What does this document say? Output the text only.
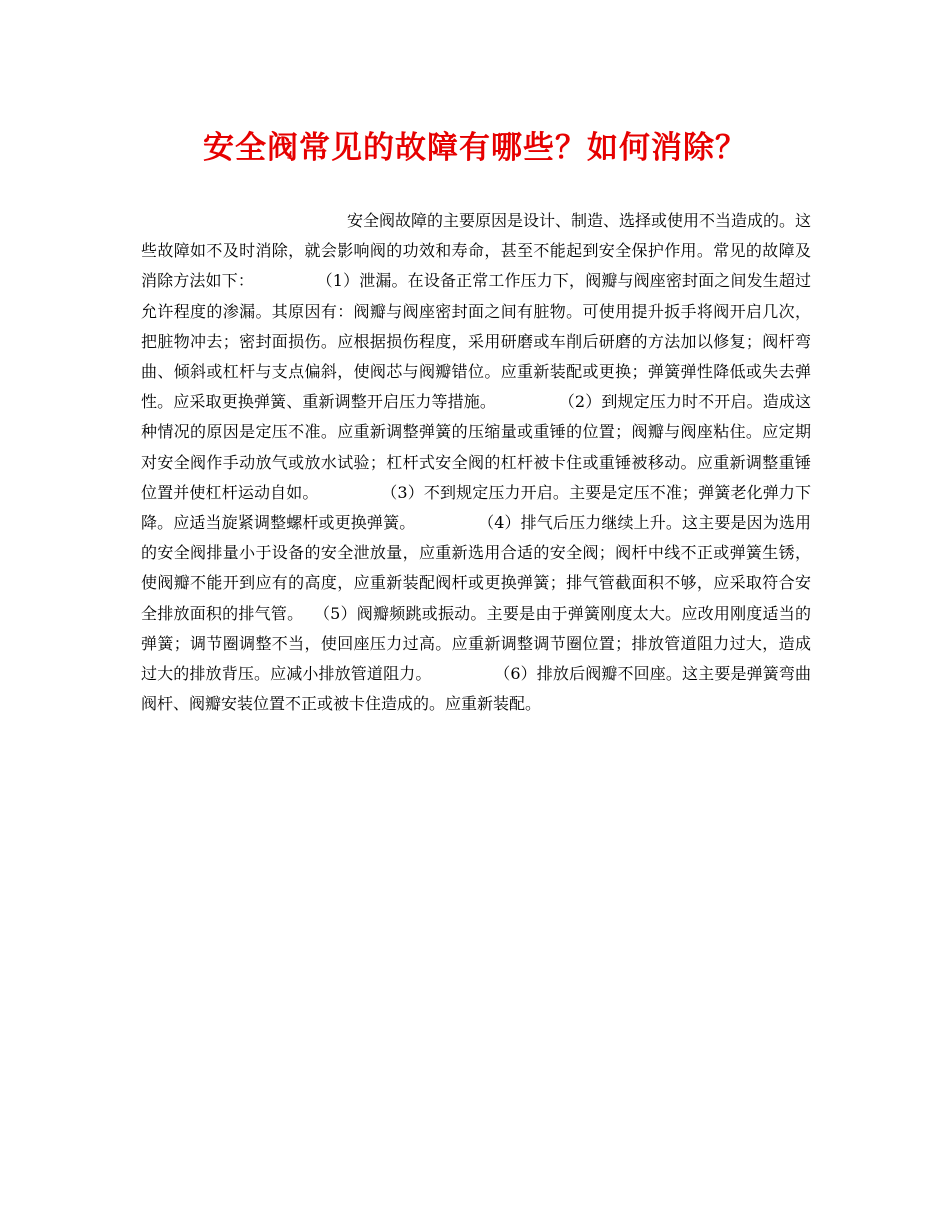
安全阀常见的故障有哪些？如何消除？

安全阀故障的主要原因是设计、制造、选择或使用不当造成的。这些故障如不及时消除，就会影响阀的功效和寿命，甚至不能起到安全保护作用。常见的故障及消除方法如下：	（1）泄漏。在设备正常工作压力下，阀瓣与阀座密封面之间发生超过允许程度的渗漏。其原因有：阀瓣与阀座密封面之间有脏物。可使用提升扳手将阀开启几次，把脏物冲去；密封面损伤。应根据损伤程度，采用研磨或车削后研磨的方法加以修复；阀杆弯曲、倾斜或杠杆与支点偏斜，使阀芯与阀瓣错位。应重新装配或更换；弹簧弹性降低或失去弹性。应采取更换弹簧、重新调整开启压力等措施。	（2）到规定压力时不开启。造成这种情况的原因是定压不准。应重新调整弹簧的压缩量或重锤的位置；阀瓣与阀座粘住。应定期对安全阀作手动放气或放水试验；杠杆式安全阀的杠杆被卡住或重锤被移动。应重新调整重锤位置并使杠杆运动自如。	（3）不到规定压力开启。主要是定压不准；弹簧老化弹力下降。应适当旋紧调整螺杆或更换弹簧。	（4）排气后压力继续上升。这主要是因为选用的安全阀排量小于设备的安全泄放量，应重新选用合适的安全阀；阀杆中线不正或弹簧生锈，使阀瓣不能开到应有的高度，应重新装配阀杆或更换弹簧；排气管截面积不够，应采取符合安全排放面积的排气管。 （5）阀瓣频跳或振动。主要是由于弹簧刚度太大。应改用刚度适当的弹簧；调节圈调整不当，使回座压力过高。应重新调整调节圈位置；排放管道阻力过大，造成过大的排放背压。应减小排放管道阻力。	（6）排放后阀瓣不回座。这主要是弹簧弯曲阀杆、阀瓣安装位置不正或被卡住造成的。应重新装配。
